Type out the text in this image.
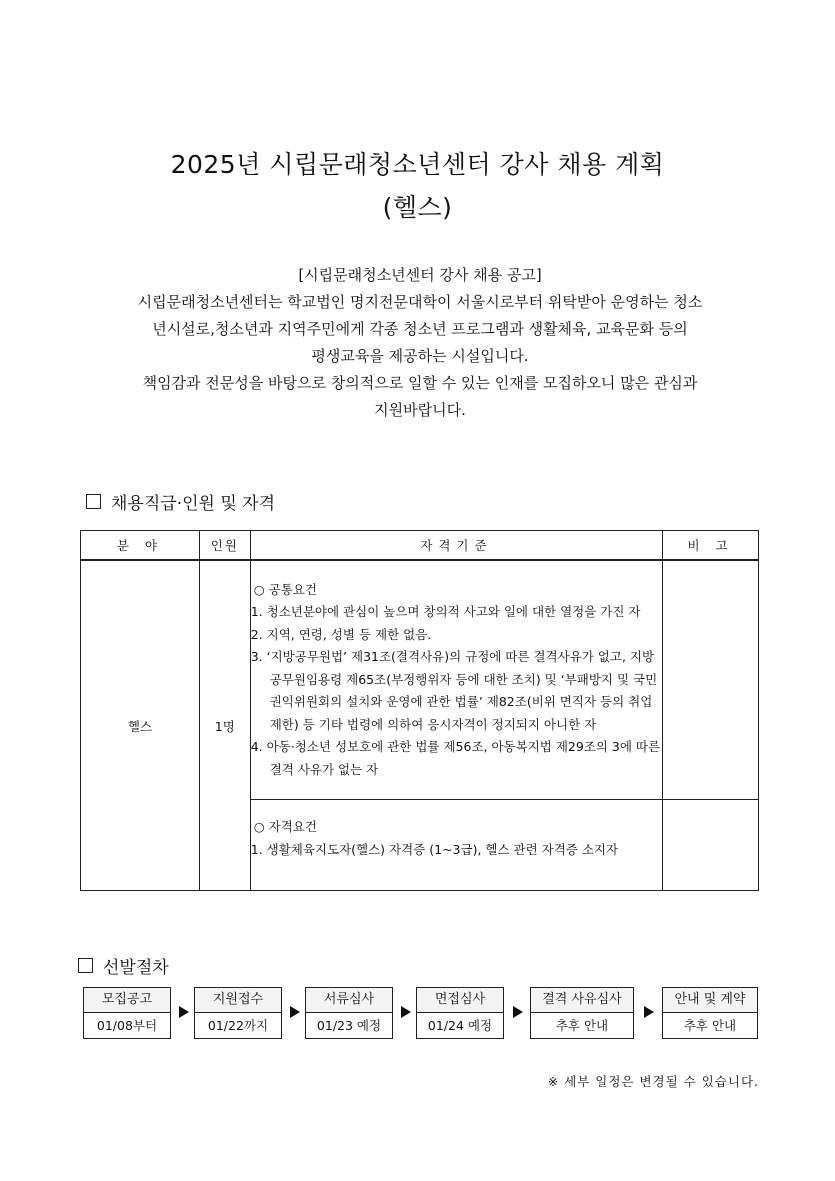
2025년 시립문래청소년센터 강사 채용 계획
(헬스)
[시립문래청소년센터 강사 채용 공고]
시립문래청소년센터는 학교법인 명지전문대학이 서울시로부터 위탁받아 운영하는 청소
년시설로,청소년과 지역주민에게 각종 청소년 프로그램과 생활체육, 교육문화 등의
평생교육을 제공하는 시설입니다.
책임감과 전문성을 바탕으로 창의적으로 일할 수 있는 인재를 모집하오니 많은 관심과
지원바랍니다.
채용직급·인원 및 자격
분 야	인원	자격기준	비 고
헬스	1명	○ 공통요건
1. 청소년분야에 관심이 높으며 창의적 사고와 일에 대한 열정을 가진 자
2. 지역, 연령, 성별 등 제한 없음.
3. ‘지방공무원법’ 제31조(결격사유)의 규정에 따른 결격사유가 없고, 지방공무원임용령 제65조(부정행위자 등에 대한 조치) 및 ‘부패방지 및 국민권익위원회의 설치와 운영에 관한 법률’ 제82조(비위 면직자 등의 취업제한) 등 기타 법령에 의하여 응시자격이 정지되지 아니한 자
4. 아동·청소년 성보호에 관한 법률 제56조, 아동복지법 제29조의 3에 따른 결격 사유가 없는 자	

		○ 자격요건
1. 생활체육지도자(헬스) 자격증 (1~3급), 헬스 관련 자격증 소지자	

선발절차
모집공고
01/08부터
지원접수
01/22까지
서류심사
01/23 예정
면접심사
01/24 예정
결격 사유심사
추후 안내
안내 및 계약
추후 안내
※ 세부 일정은 변경될 수 있습니다.
